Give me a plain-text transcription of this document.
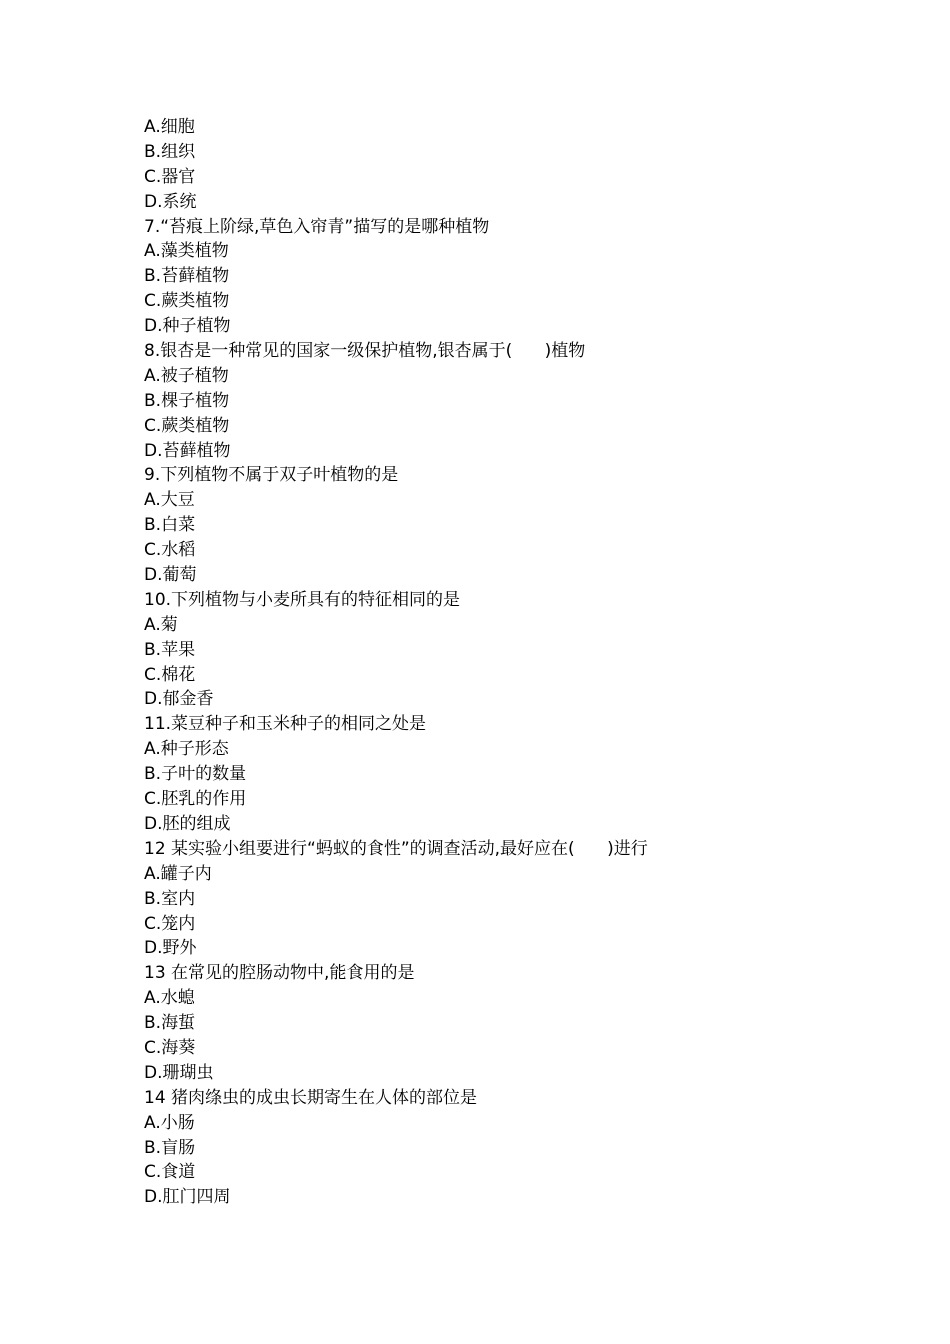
A.细胞
B.组织
C.器官
D.系统
7.“苔痕上阶绿,草色入帘青”描写的是哪种植物
A.藻类植物
B.苔藓植物
C.蕨类植物
D.种子植物
8.银杏是一种常见的国家一级保护植物,银杏属于(      )植物
A.被子植物
B.棵子植物
C.蕨类植物
D.苔藓植物
9.下列植物不属于双子叶植物的是
A.大豆
B.白菜
C.水稻
D.葡萄
10.下列植物与小麦所具有的特征相同的是
A.菊
B.苹果
C.棉花
D.郁金香
11.菜豆种子和玉米种子的相同之处是
A.种子形态
B.子叶的数量
C.胚乳的作用
D.胚的组成
12 某实验小组要进行“蚂蚁的食性”的调查活动,最好应在(      )进行
A.罐子内
B.室内
C.笼内
D.野外
13 在常见的腔肠动物中,能食用的是
A.水螅
B.海蜇
C.海葵
D.珊瑚虫
14 猪肉绦虫的成虫长期寄生在人体的部位是
A.小肠
B.盲肠
C.食道
D.肛门四周
